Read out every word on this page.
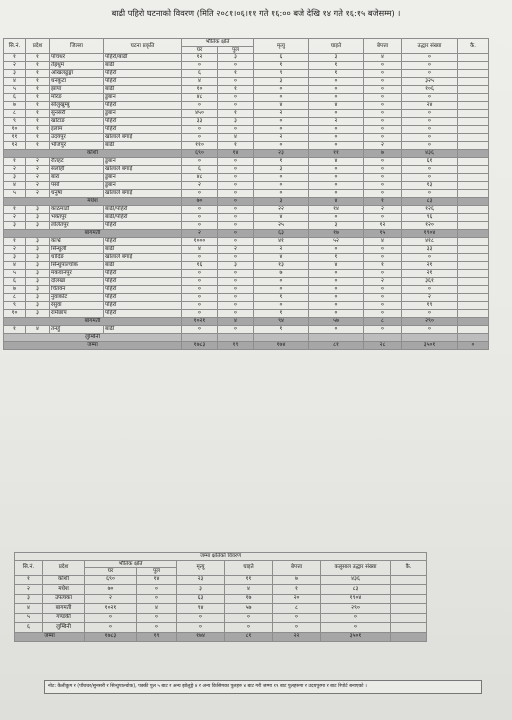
बाढी पहिरो घटनाको विवरण (मिति २०८१।०६।११ गते १६:०० बजे देखि १४ गते १६:१५ बजेसम्म) ।
सि.नं.	प्रदेश	जिल्ला	घटना प्रकृति	भौतिक क्षति		मृत्यु	घाइते	बेपत्ता	उद्धार संख्या	कै.
				घर	पुल					
१	१	पाँचथर	पहिरो/बाढी	१२	३	६	३	४	०	
२	१	तेह्रथुम	बाढी	०	०	१	१	०	०	
३	१	ओखलढुङ्गा	पहिरो	६	१	९	१	०	०	
४	१	धनकुटा	पहिरो	४	०	३	०	०	३२५	
५	१	झापा	बाढी	१०	१	०	०	०	१०६	
६	१	मोरङ	डुबान	४८	०	०	०	०	०	
७	१	सोलुखुम्बु	पहिरो	०	०	४	४	०	२४	
८	१	सुनसरी	डुबान	४५०	१	२	०	०	०	
९	१	खोटाङ	पहिरो	३३	३	०	२	०	०	
१०	१	इलाम	पहिरो	०	०	०	०	०	०	
११	१	उदयपुर	खोलाले बगाई	०	४	२	०	०	०	
१२	१	भोजपुर	बाढी	११०	१	०	०	२	०	
कोशी				६९०	१४	२३	११	७	४३६	
१	२	रौतहट	डुबान	०	०	१	४	०	६१	
२	२	सर्लाही	खोलाले बगाई	६	०	३	०	०	०	
३	२	बारा	डुबान	४८	०	०	०	०	०	
४	२	पर्सा	डुबान	२	०	०	०	०	१३	
५	२	धनुषा	खोलाले बगाई	०	०	०	०	०	०	
मधेश				७०	०	३	४	१	८३	
१	३	काठमाडौं	बाढी/पहिरो	०	०	२२	१४	२	१२६	
२	३	भक्तपुर	बाढी/पहिरो	०	०	४	०	०	९६	
३	३	ललितपुर	पहिरो	०	०	२५	३	१२	१२०	
बागमती				२	०	६३	१७	१५	१९०४	
१	३	काभ्रे	पहिरो	१०००	०	४१	५२	४	४१८	
२	३	सिन्धुली	बाढी	४	२	२	०	०	३३	
३	३	धादिङ	खोलाले बगाई	०	०	४	१	०	०	
४	३	सिन्धुपाल्चोक	बाढी	१६	३	१३	४	१	२१	
५	३	मकवानपुर	पहिरो	०	०	७	०	०	२१	
६	३	दोलखा	पहिरो	०	०	०	०	२	३६१	
७	३	चितवन	पहिरो	०	०	०	०	०	०	
८	३	नुवाकोट	पहिरो	०	०	१	०	०	२	
९	३	रसुवा	पहिरो	०	०	०	०	०	१९	
१०	३	रामेछाप	पहिरो	०	०	१	०	०	०	
बागमती				१०२१	४	९४	५७	८	२९०	
१	४	तनहुँ	बाढी	०	०	१	०	०	०	
लुम्बिनी										
जम्मा				१७८३	१९	१७४	८१	२८	३५०१	०
जम्मा क्षतिको विवरण								
सि.नं.	प्रदेश	भौतिक क्षति		मृत्यु	घाइते	बेपत्ता	कलुसाल उद्धार संख्या	कै.
		घर	पुल					
१	कोशी	६९०	१४	२३	११	७	४३६	
२	मधेश	७०	०	३	४	१	८३	
३	उपत्यका	२	०	६३	१७	२०	१९०४	
४	बागमती	१०२१	४	९४	५७	८	२९०	
५	गण्डकी	०	०	०	०	०	०	
६	लुम्बिनी	०	०	०	०	०	०	
जम्मा		१७८३	१९	१७४	८१	२२	३५०१	
नोट: कैलीकुम र (पाँचथर/सुनसरी र सिन्धुपाल्चोक), पक्की पुल ५ बाट र अन्य झोलुङ्गे ४ र अन्य किसिमका पुलहरु ४ बाट गरी जम्मा १९ बाट पुलहरुमा र उदयपुरमा र बाट रिपोर्ट बनाएको ।
